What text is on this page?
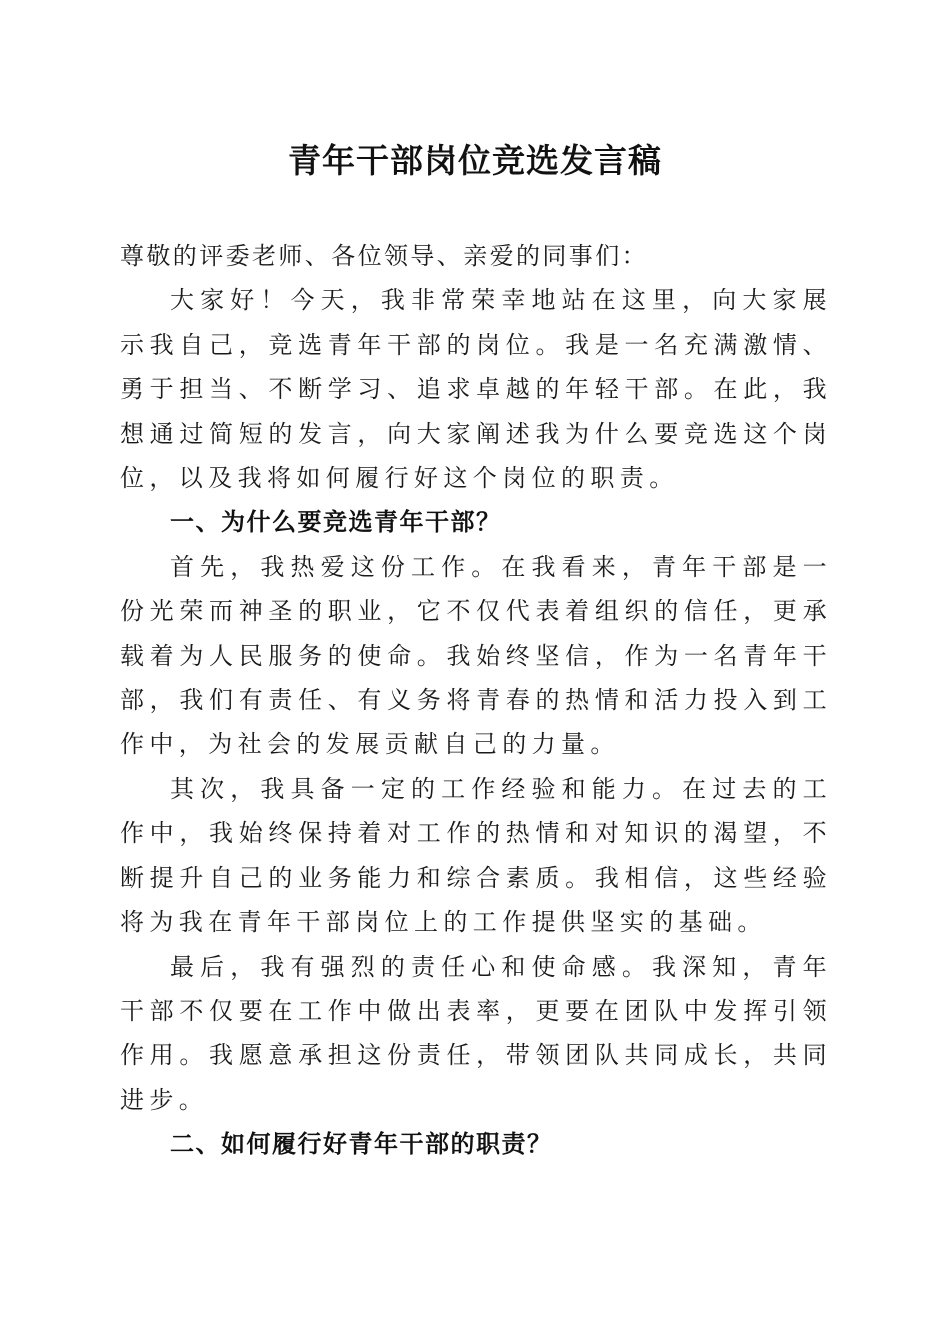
青年干部岗位竞选发言稿

尊敬的评委老师、各位领导、亲爱的同事们：

大家好！今天，我非常荣幸地站在这里，向大家展示我自己，竞选青年干部的岗位。我是一名充满激情、勇于担当、不断学习、追求卓越的年轻干部。在此，我想通过简短的发言，向大家阐述我为什么要竞选这个岗位，以及我将如何履行好这个岗位的职责。

一、为什么要竞选青年干部？

首先，我热爱这份工作。在我看来，青年干部是一份光荣而神圣的职业，它不仅代表着组织的信任，更承载着为人民服务的使命。我始终坚信，作为一名青年干部，我们有责任、有义务将青春的热情和活力投入到工作中，为社会的发展贡献自己的力量。

其次，我具备一定的工作经验和能力。在过去的工作中，我始终保持着对工作的热情和对知识的渴望，不断提升自己的业务能力和综合素质。我相信，这些经验将为我在青年干部岗位上的工作提供坚实的基础。

最后，我有强烈的责任心和使命感。我深知，青年干部不仅要在工作中做出表率，更要在团队中发挥引领作用。我愿意承担这份责任，带领团队共同成长，共同进步。

二、如何履行好青年干部的职责？
